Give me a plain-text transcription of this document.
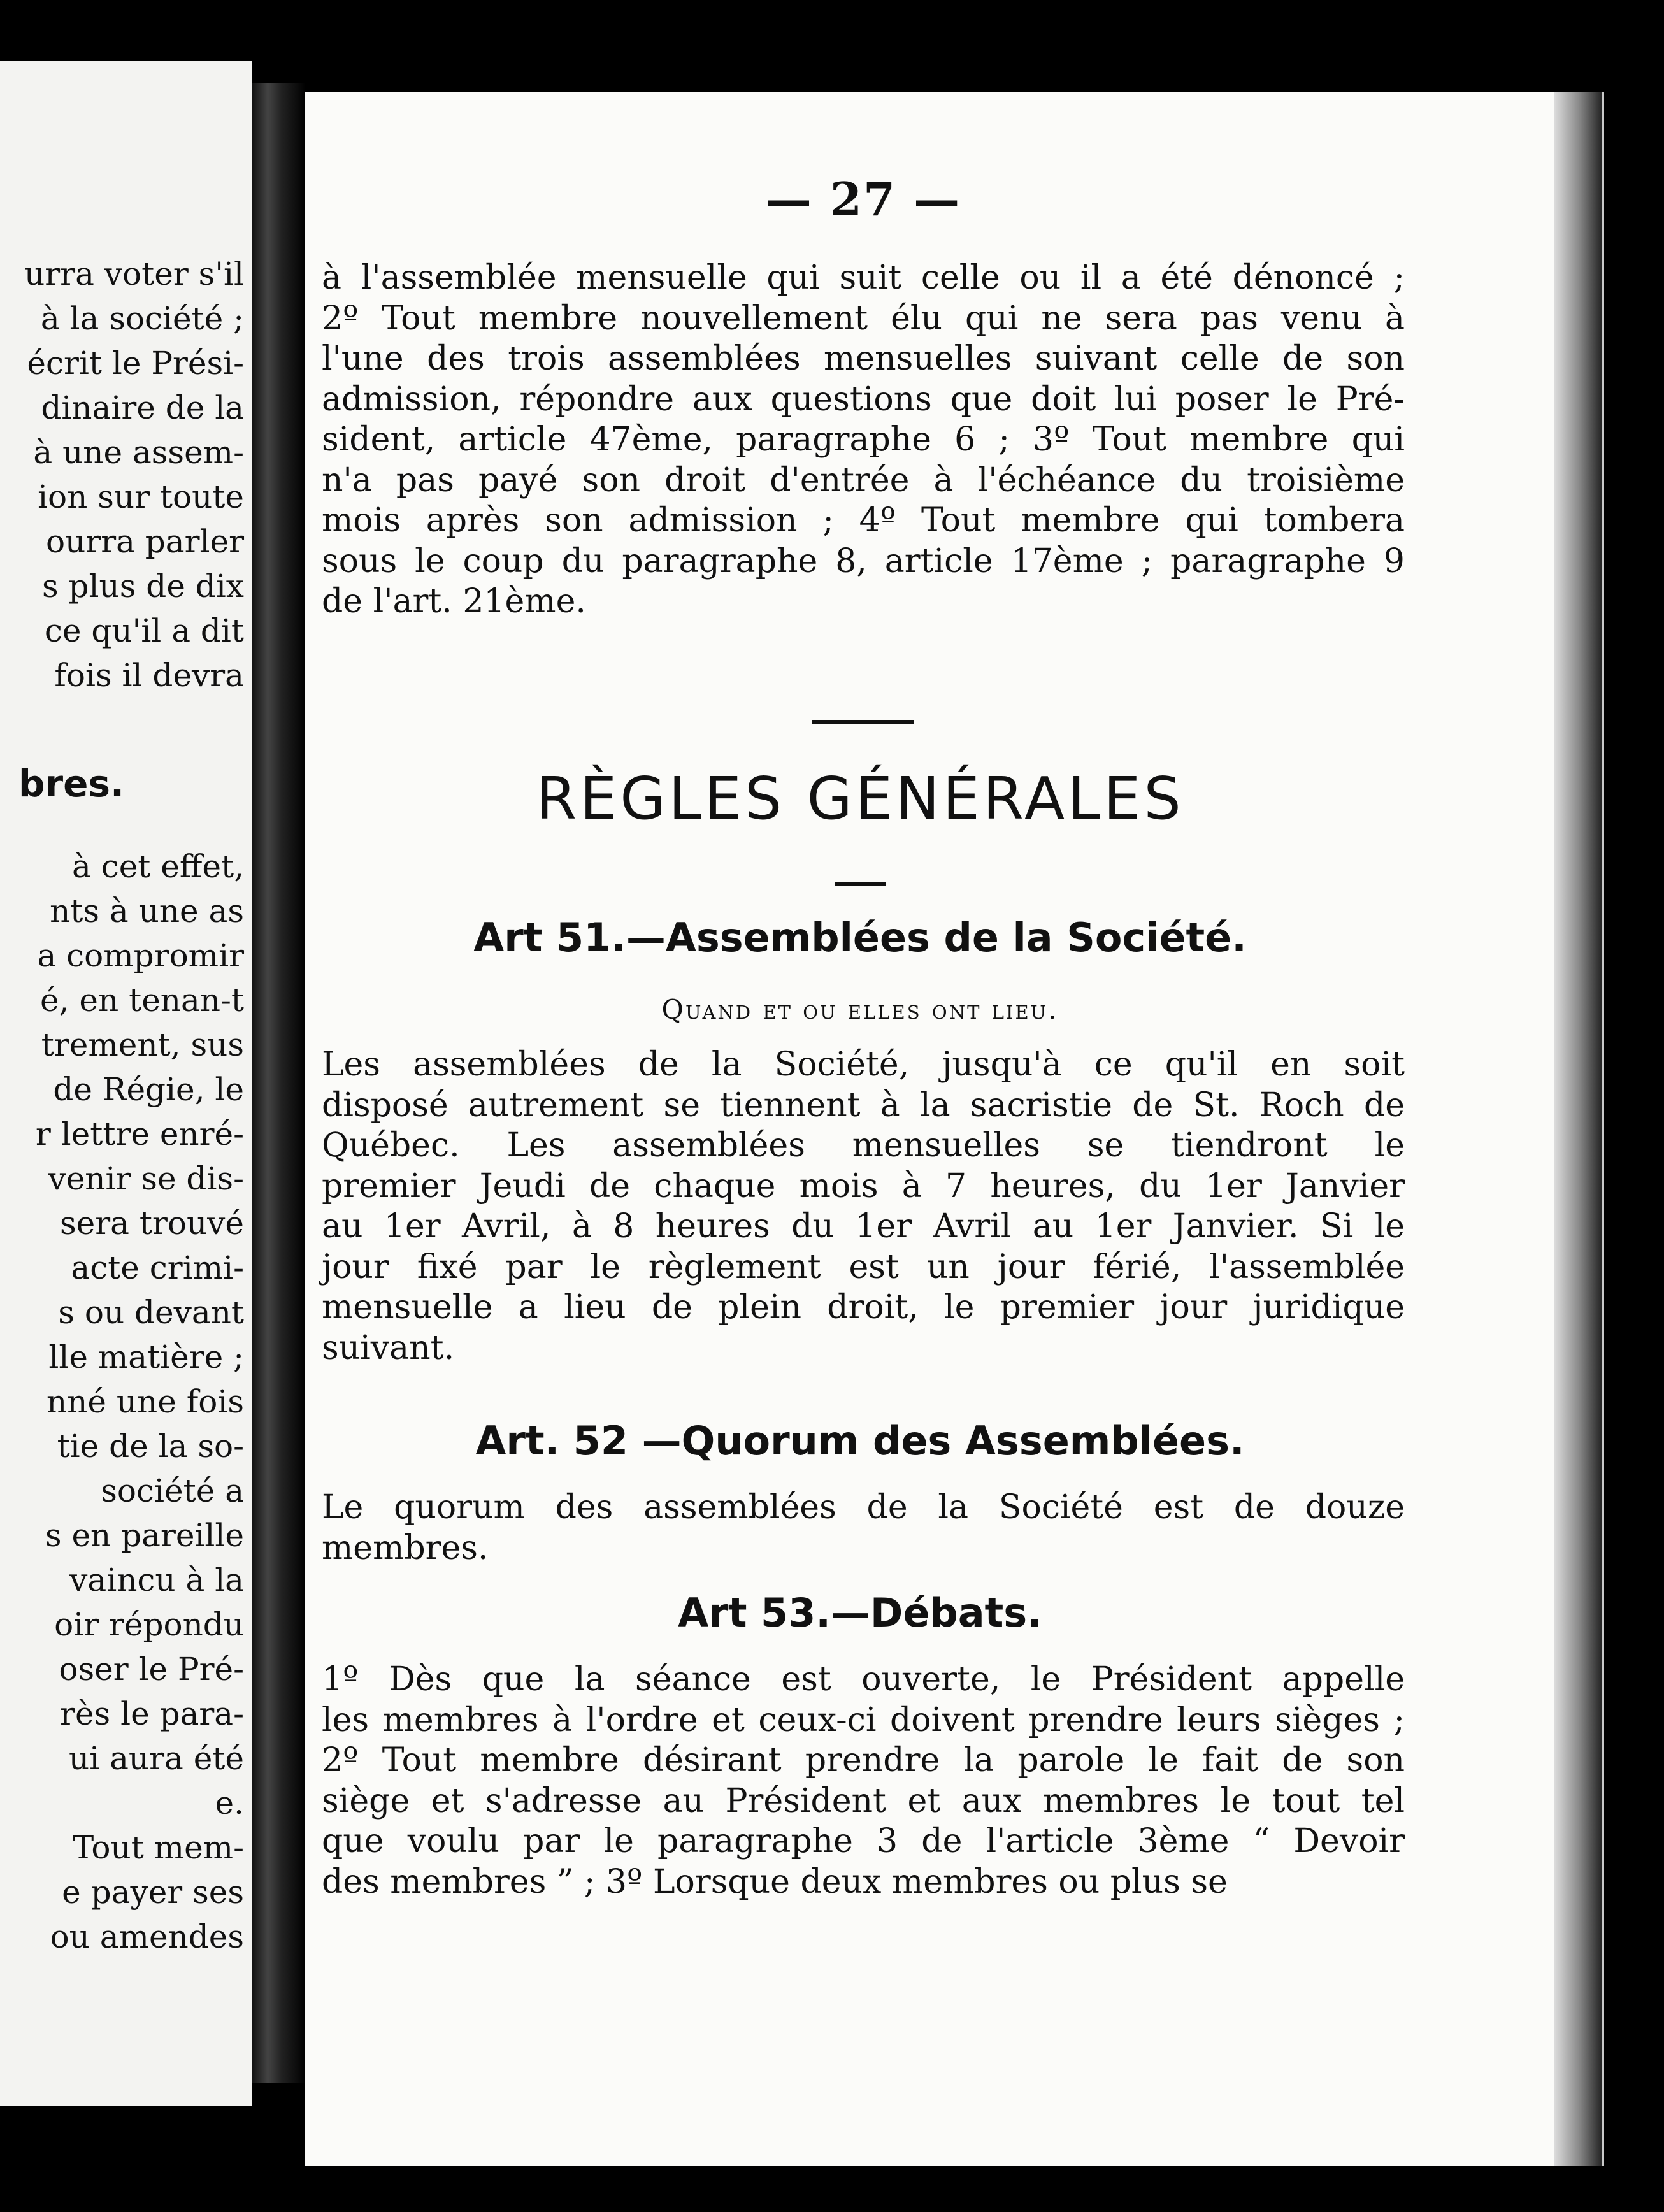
urra voter s'il
à la société ;
écrit le Prési-
dinaire de la
à une assem-
ion sur toute
ourra parler
s plus de dix
ce qu'il a dit
fois il devra
bres.
à cet effet,
nts à une as
a compromir
é, en tenan-t
trement, sus
de Régie, le
r lettre enré-
venir se dis-
sera trouvé
acte crimi-
s ou devant
lle matière ;
nné une fois
tie de la so-
société a
s en pareille
vaincu à la
oir répondu
oser le Pré-
rès le para-
ui aura été
e.
Tout mem-
e payer ses
ou amendes
— 27 —
à l'assemblée mensuelle qui suit celle ou il a été dénoncé ;
2º Tout membre nouvellement élu qui ne sera pas venu à
l'une des trois assemblées mensuelles suivant celle de son
admission, répondre aux questions que doit lui poser le Pré-
sident, article 47ème, paragraphe 6 ; 3º Tout membre qui
n'a pas payé son droit d'entrée à l'échéance du troisième
mois après son admission ; 4º Tout membre qui tombera
sous le coup du paragraphe 8, article 17ème ; paragraphe 9
de l'art. 21ème.
RÈGLES GÉNÉRALES
Art 51.—Assemblées de la Société.
Quand et ou elles ont lieu.
Les assemblées de la Société, jusqu'à ce qu'il en soit
disposé autrement se tiennent à la sacristie de St. Roch de
Québec. Les assemblées mensuelles se tiendront le
premier Jeudi de chaque mois à 7 heures, du 1er Janvier
au 1er Avril, à 8 heures du 1er Avril au 1er Janvier. Si le
jour fixé par le règlement est un jour férié, l'assemblée
mensuelle a lieu de plein droit, le premier jour juridique
suivant.
Art. 52 —Quorum des Assemblées.
Le quorum des assemblées de la Société est de douze
membres.
Art 53.—Débats.
1º Dès que la séance est ouverte, le Président appelle
les membres à l'ordre et ceux-ci doivent prendre leurs sièges ;
2º Tout membre désirant prendre la parole le fait de son
siège et s'adresse au Président et aux membres le tout tel
que voulu par le paragraphe 3 de l'article 3ème “ Devoir
des membres ” ; 3º Lorsque deux membres ou plus se
